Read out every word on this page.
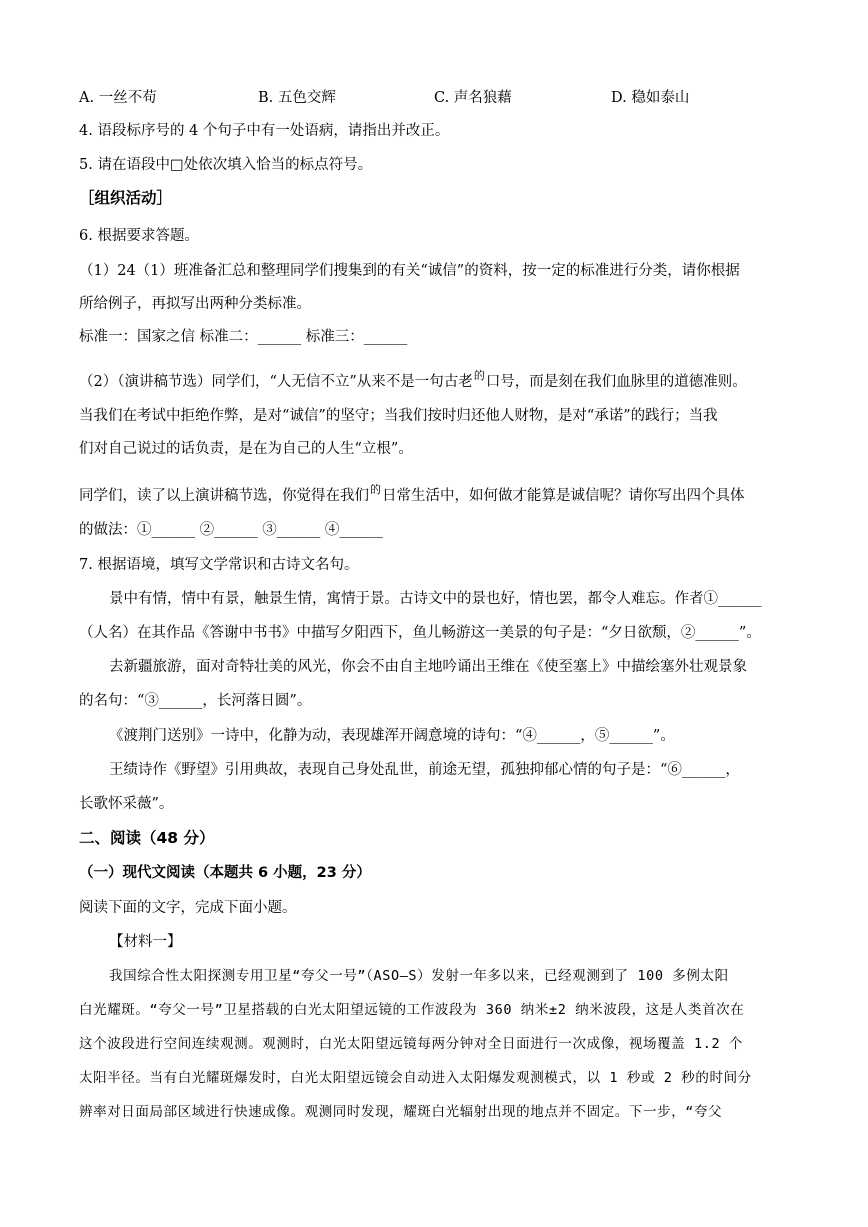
A. 一丝不苟	B. 五色交辉	C. 声名狼藉	D. 稳如泰山
4. 语段标序号的 4 个句子中有一处语病，请指出并改正。
5. 请在语段中□处依次填入恰当的标点符号。
［组织活动］
6. 根据要求答题。
（1）24（1）班准备汇总和整理同学们搜集到的有关“诚信”的资料，按一定的标准进行分类，请你根据
所给例子，再拟写出两种分类标准。
标准一：国家之信 标准二：______ 标准三：______
（2）（演讲稿节选）同学们，“人无信不立”从来不是一句古老$^的$口号，而是刻在我们血脉里的道德准则。
当我们在考试中拒绝作弊，是对“诚信”的坚守；当我们按时归还他人财物，是对“承诺”的践行；当我
们对自己说过的话负责，是在为自己的人生“立根”。
同学们，读了以上演讲稿节选，你觉得在我们$^的$日常生活中，如何做才能算是诚信呢？请你写出四个具体
的做法：①______ ②______ ③______ ④______
7. 根据语境，填写文学常识和古诗文名句。
景中有情，情中有景，触景生情，寓情于景。古诗文中的景也好，情也罢，都令人难忘。作者①______
（人名）在其作品《答谢中书书》中描写夕阳西下，鱼儿畅游这一美景的句子是：“夕日欲颓，②______”。
去新疆旅游，面对奇特壮美的风光，你会不由自主地吟诵出王维在《使至塞上》中描绘塞外壮观景象
的名句：“③______，长河落日圆”。
《渡荆门送别》一诗中，化静为动，表现雄浑开阔意境的诗句：“④______，⑤______”。
王绩诗作《野望》引用典故，表现自己身处乱世，前途无望，孤独抑郁心情的句子是：“⑥______，
长歌怀采薇”。
二、阅读（48 分）
（一）现代文阅读（本题共 6 小题，23 分）
阅读下面的文字，完成下面小题。
【材料一】
我国综合性太阳探测专用卫星“夸父一号”（ASO—S）发射一年多以来，已经观测到了 100 多例太阳
白光耀斑。“夸父一号”卫星搭载的白光太阳望远镜的工作波段为 360 纳米±2 纳米波段，这是人类首次在
这个波段进行空间连续观测。观测时，白光太阳望远镜每两分钟对全日面进行一次成像，视场覆盖 1.2 个
太阳半径。当有白光耀斑爆发时，白光太阳望远镜会自动进入太阳爆发观测模式，以 1 秒或 2 秒的时间分
辨率对日面局部区域进行快速成像。观测同时发现，耀斑白光辐射出现的地点并不固定。下一步，“夸父
